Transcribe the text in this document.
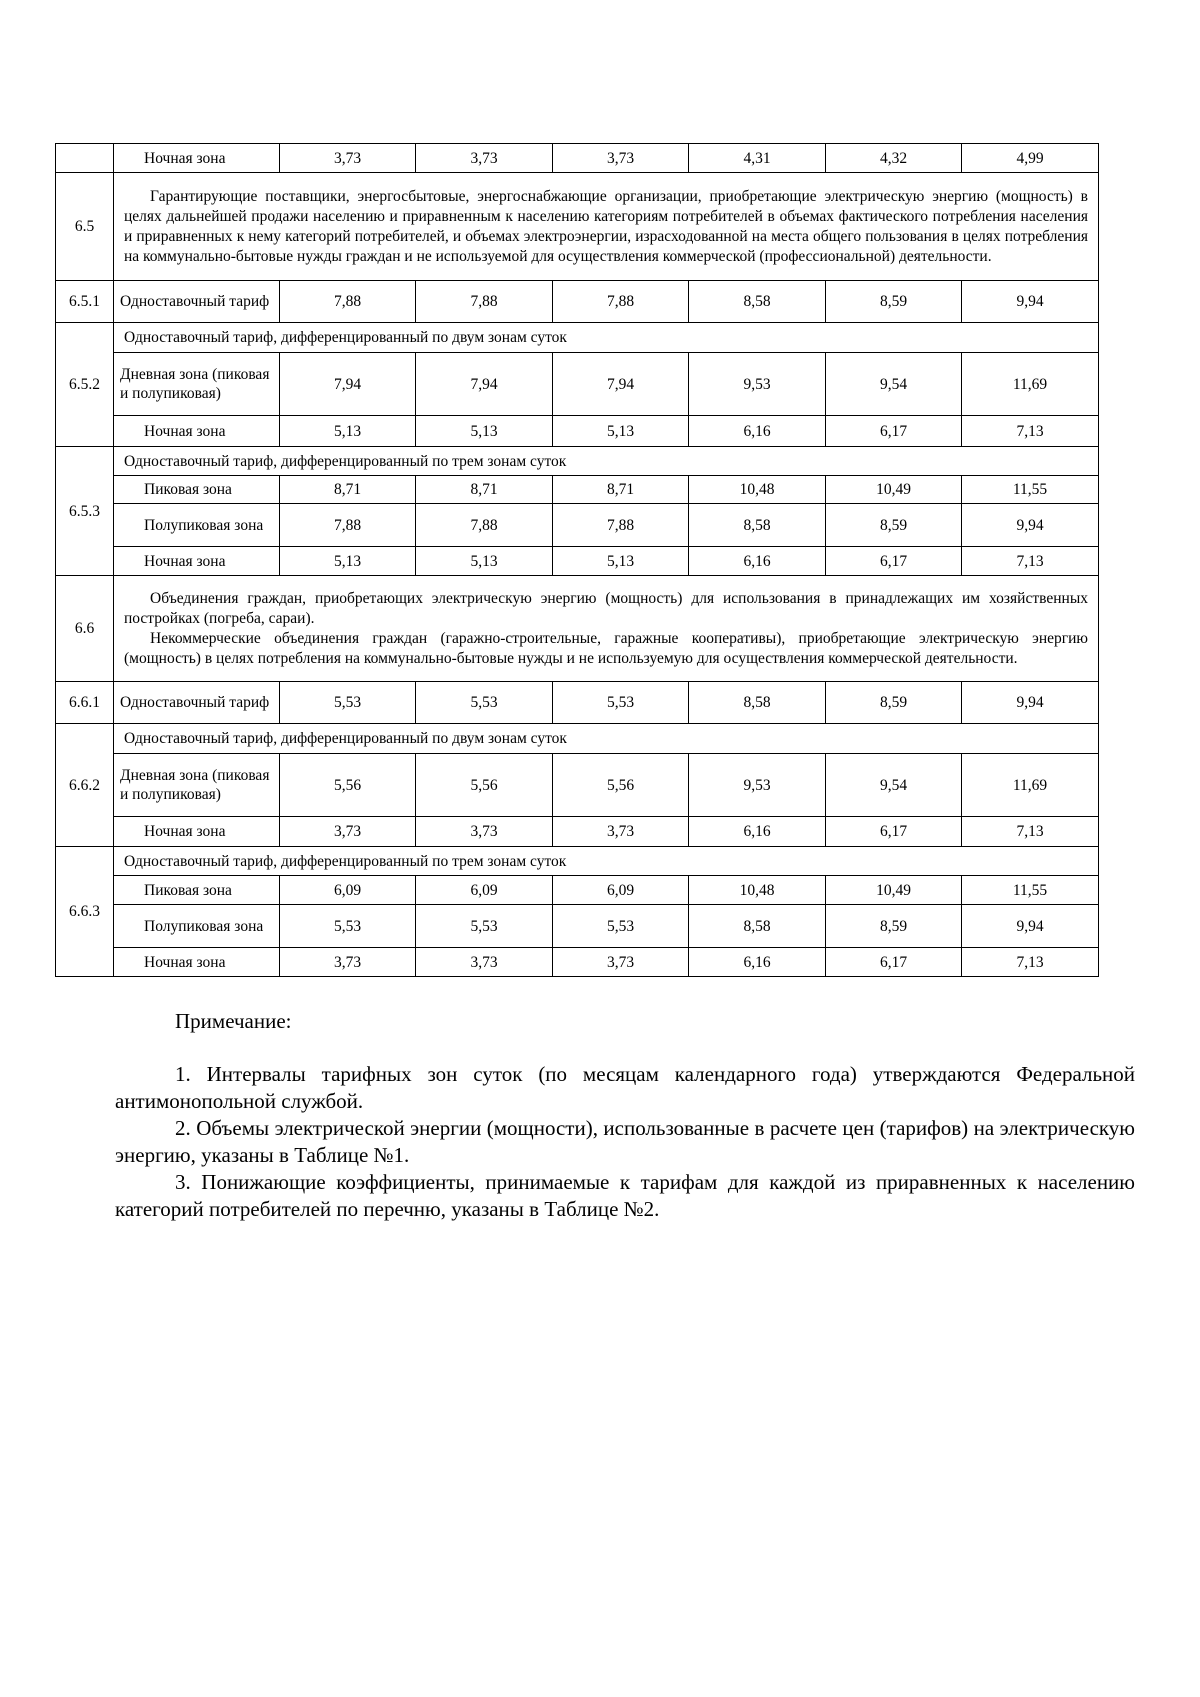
	Ночная зона	3,73	3,73	3,73	4,31	4,32	4,99
6.5	Гарантирующие поставщики, энергосбытовые, энергоснабжающие организации, приобретающие электрическую энергию (мощность) в целях дальнейшей продажи населению и приравненным к населению категориям потребителей в объемах фактического потребления населения и приравненных к нему категорий потребителей, и объемах электроэнергии, израсходованной на места общего пользования в целях потребления на коммунально-бытовые нужды граждан и не используемой для осуществления коммерческой (профессиональной) деятельности.						
6.5.1	Одноставочный тариф	7,88	7,88	7,88	8,58	8,59	9,94
6.5.2	Одноставочный тариф, дифференцированный по двум зонам суток						
	Дневная зона (пиковая и полупиковая)	7,94	7,94	7,94	9,53	9,54	11,69
	Ночная зона	5,13	5,13	5,13	6,16	6,17	7,13
6.5.3	Одноставочный тариф, дифференцированный по трем зонам суток						
	Пиковая зона	8,71	8,71	8,71	10,48	10,49	11,55
	Полупиковая зона	7,88	7,88	7,88	8,58	8,59	9,94
	Ночная зона	5,13	5,13	5,13	6,16	6,17	7,13
6.6	Объединения граждан, приобретающих электрическую энергию (мощность) для использования в принадлежащих им хозяйственных постройках (погреба, сараи).
Некоммерческие объединения граждан (гаражно-строительные, гаражные кооперативы), приобретающие электрическую энергию (мощность) в целях потребления на коммунально-бытовые нужды и не используемую для осуществления коммерческой деятельности.						

6.6.1	Одноставочный тариф	5,53	5,53	5,53	8,58	8,59	9,94
6.6.2	Одноставочный тариф, дифференцированный по двум зонам суток						
	Дневная зона (пиковая и полупиковая)	5,56	5,56	5,56	9,53	9,54	11,69
	Ночная зона	3,73	3,73	3,73	6,16	6,17	7,13
6.6.3	Одноставочный тариф, дифференцированный по трем зонам суток						
	Пиковая зона	6,09	6,09	6,09	10,48	10,49	11,55
	Полупиковая зона	5,53	5,53	5,53	8,58	8,59	9,94
	Ночная зона	3,73	3,73	3,73	6,16	6,17	7,13
Примечание:

1. Интервалы тарифных зон суток (по месяцам календарного года) утверждаются Федеральной антимонопольной службой.

2. Объемы электрической энергии (мощности), использованные в расчете цен (тарифов) на электрическую энергию, указаны в Таблице №1.

3. Понижающие коэффициенты, принимаемые к тарифам для каждой из приравненных к населению категорий потребителей по перечню, указаны в Таблице №2.
